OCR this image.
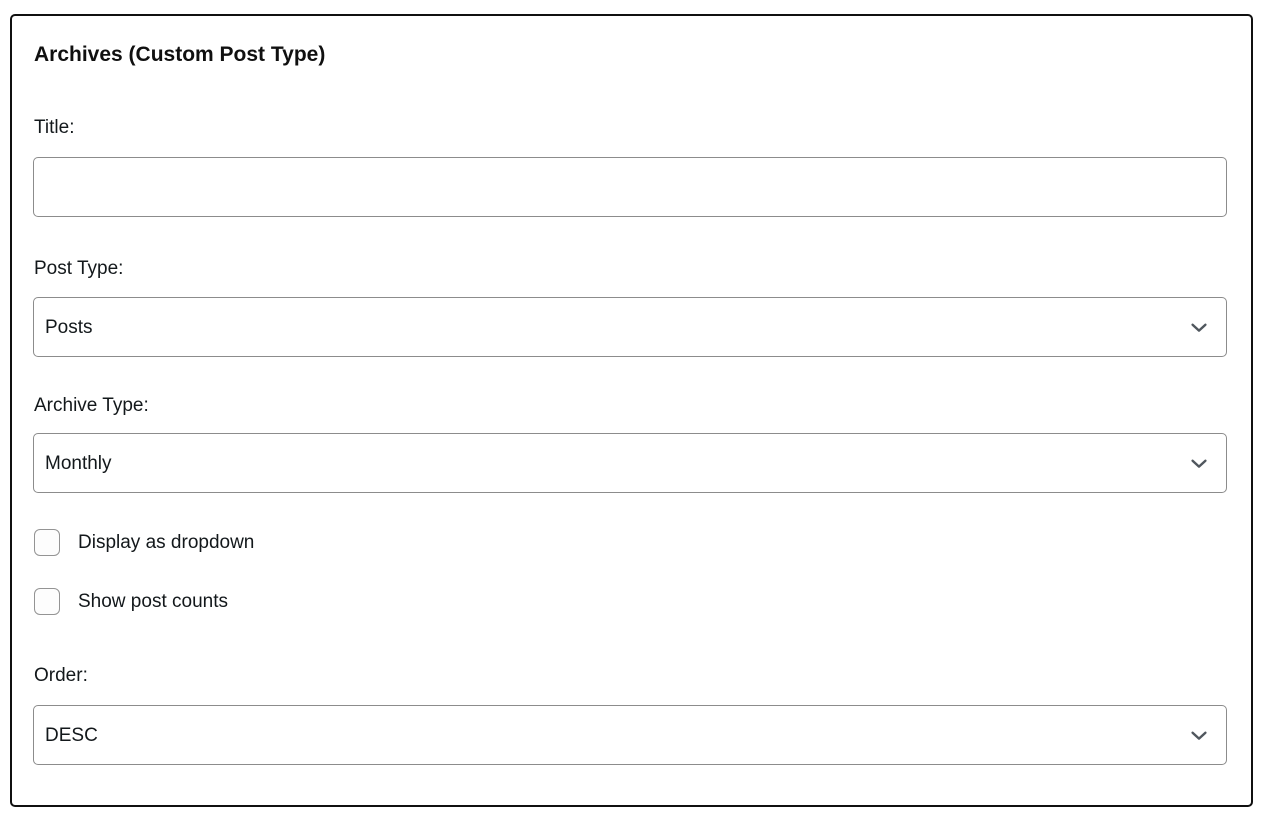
Archives (Custom Post Type)
Title:
Post Type:
Posts
Archive Type:
Monthly
Display as dropdown
Show post counts
Order:
DESC
